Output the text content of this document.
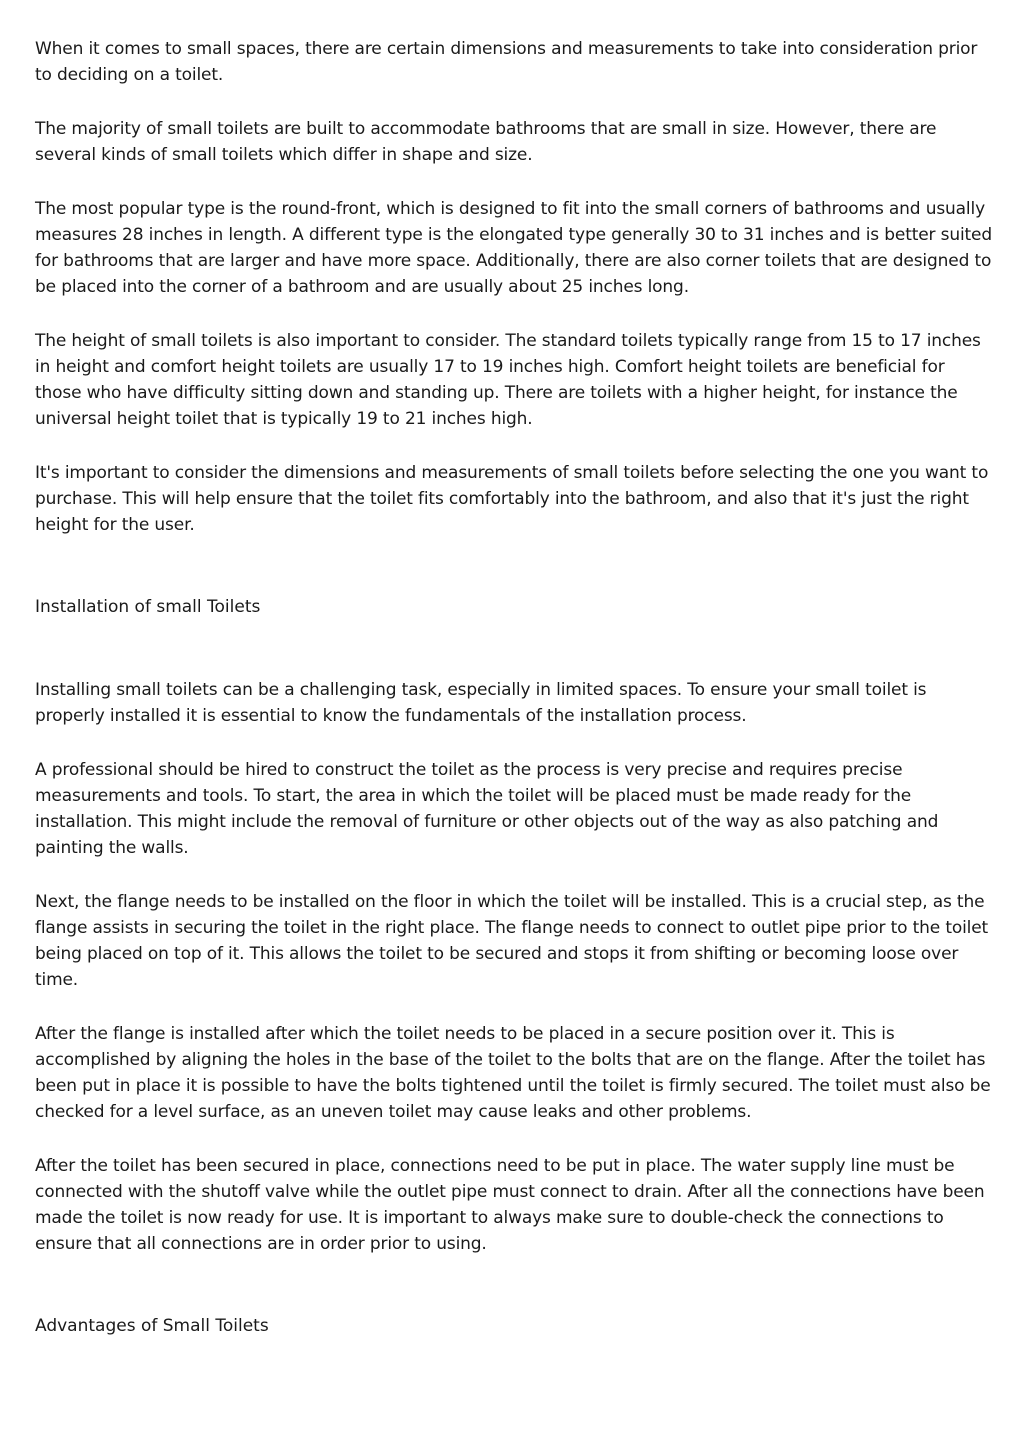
When it comes to small spaces, there are certain dimensions and measurements to take into consideration prior to deciding on a toilet.

The majority of small toilets are built to accommodate bathrooms that are small in size. However, there are several kinds of small toilets which differ in shape and size.

The most popular type is the round-front, which is designed to fit into the small corners of bathrooms and usually measures 28 inches in length. A different type is the elongated type generally 30 to 31 inches and is better suited for bathrooms that are larger and have more space. Additionally, there are also corner toilets that are designed to be placed into the corner of a bathroom and are usually about 25 inches long.

The height of small toilets is also important to consider. The standard toilets typically range from 15 to 17 inches in height and comfort height toilets are usually 17 to 19 inches high. Comfort height toilets are beneficial for those who have difficulty sitting down and standing up. There are toilets with a higher height, for instance the universal height toilet that is typically 19 to 21 inches high.

It's important to consider the dimensions and measurements of small toilets before selecting the one you want to purchase. This will help ensure that the toilet fits comfortably into the bathroom, and also that it's just the right height for the user.

Installation of small Toilets

Installing small toilets can be a challenging task, especially in limited spaces. To ensure your small toilet is properly installed it is essential to know the fundamentals of the installation process.

A professional should be hired to construct the toilet as the process is very precise and requires precise measurements and tools. To start, the area in which the toilet will be placed must be made ready for the installation. This might include the removal of furniture or other objects out of the way as also patching and painting the walls.

Next, the flange needs to be installed on the floor in which the toilet will be installed. This is a crucial step, as the flange assists in securing the toilet in the right place. The flange needs to connect to outlet pipe prior to the toilet being placed on top of it. This allows the toilet to be secured and stops it from shifting or becoming loose over time.

After the flange is installed after which the toilet needs to be placed in a secure position over it. This is accomplished by aligning the holes in the base of the toilet to the bolts that are on the flange. After the toilet has been put in place it is possible to have the bolts tightened until the toilet is firmly secured. The toilet must also be checked for a level surface, as an uneven toilet may cause leaks and other problems.

After the toilet has been secured in place, connections need to be put in place. The water supply line must be connected with the shutoff valve while the outlet pipe must connect to drain. After all the connections have been made the toilet is now ready for use. It is important to always make sure to double-check the connections to ensure that all connections are in order prior to using.

Advantages of Small Toilets
